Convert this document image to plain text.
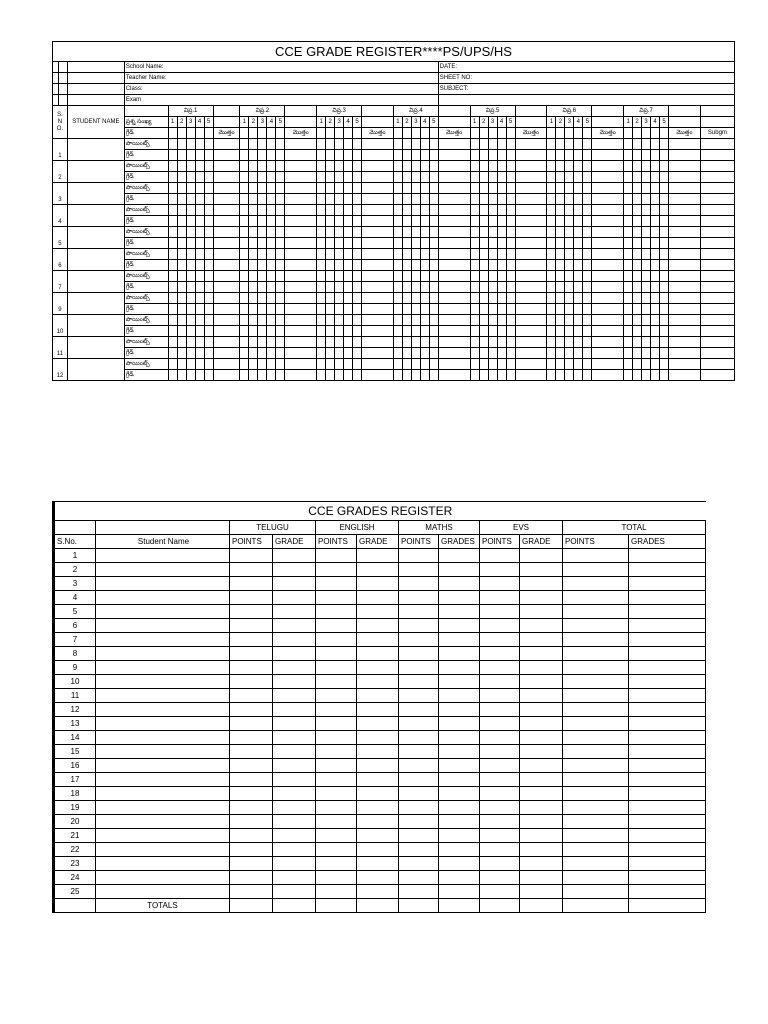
CCE GRADE REGISTER****PS/UPS/HS																																														
			School Name:																								DATE:																			
			Teacher Name:																								SHEET NO:																			
			Class:																								SUBJECT:																			
			Exam																																											
S.
N
O.		STUDENT NAME		విప్ర.1						విప్ర.2						విప్ర.3						విప్ర.4						విప్ర.5						విప్ర.6						విప్ర.7						
			ప్రశ్న సంఖ్య	1	2	3	4	5		1	2	3	4	5		1	2	3	4	5		1	2	3	4	5		1	2	3	4	5		1	2	3	4	5		1	2	3	4	5		
			గ్రేడ్						మొత్తం						మొత్తం						మొత్తం						మొత్తం						మొత్తం						మొత్తం						మొత్తం	Subgm
1			పాయింట్స్																																											
			గ్రేడ్																																											
2			పాయింట్స్																																											
			గ్రేడ్																																											
3			పాయింట్స్																																											
			గ్రేడ్																																											
4			పాయింట్స్																																											
			గ్రేడ్																																											
5			పాయింట్స్																																											
			గ్రేడ్																																											
6			పాయింట్స్																																											
			గ్రేడ్																																											
7			పాయింట్స్																																											
			గ్రేడ్																																											
9			పాయింట్స్																																											
			గ్రేడ్																																											
10			పాయింట్స్																																											
			గ్రేడ్																																											
11			పాయింట్స్																																											
			గ్రేడ్																																											
12			పాయింట్స్																																											
			గ్రేడ్																																											
CCE GRADES REGISTER											
		TELUGU		ENGLISH		MATHS		EVS		TOTAL	
S.No.	Student Name	POINTS	GRADE	POINTS	GRADE	POINTS	GRADES	POINTS	GRADE	POINTS	GRADES
1											
2											
3											
4											
5											
6											
7											
8											
9											
10											
11											
12											
13											
14											
15											
16											
17											
18											
19											
20											
21											
22											
23											
24											
25											
	TOTALS										
